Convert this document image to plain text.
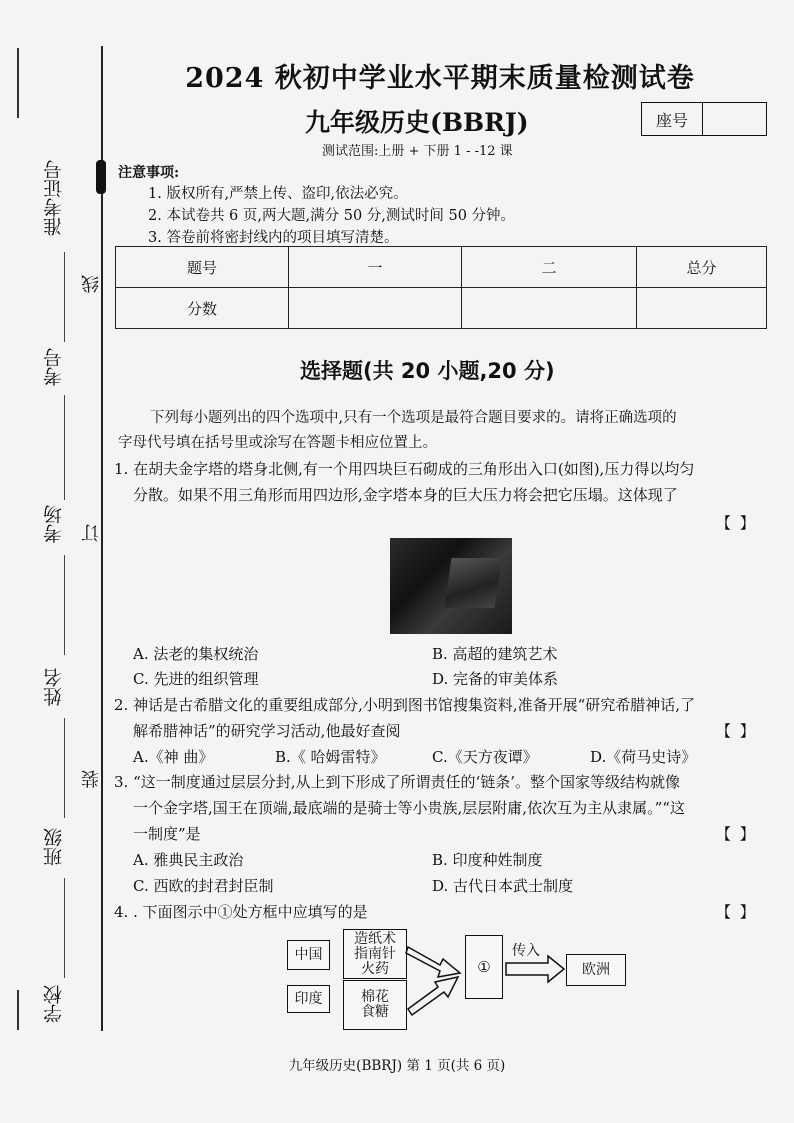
准考证号
考号
考场
姓名
班级
学校
线
订
装
2024 秋初中学业水平期末质量检测试卷
九年级历史(BBRJ)	座号
测试范围:上册 + 下册 1 - -12 课
注意事项:
1. 版权所有,严禁上传、盗印,依法必究。
2. 本试卷共 6 页,两大题,满分 50 分,测试时间 50 分钟。
3. 答卷前将密封线内的项目填写清楚。
题号	一	二	总分
分数			
选择题(共 20 小题,20 分)
下列每小题列出的四个选项中,只有一个选项是最符合题目要求的。请将正确选项的
字母代号填在括号里或涂写在答题卡相应位置上。
1. 在胡夫金字塔的塔身北侧,有一个用四块巨石砌成的三角形出入口(如图),压力得以均匀
分散。如果不用三角形而用四边形,金字塔本身的巨大压力将会把它压塌。这体现了
【 】
A. 法老的集权统治	B. 高超的建筑艺术
C. 先进的组织管理	D. 完备的审美体系
2. 神话是古希腊文化的重要组成部分,小明到图书馆搜集资料,准备开展“研究希腊神话,了
解希腊神话”的研究学习活动,他最好查阅	【 】
A.《神 曲》	B.《 哈姆雷特》	C.《天方夜谭》	D.《荷马史诗》
3. “这一制度通过层层分封,从上到下形成了所谓责任的‘链条’。整个国家等级结构就像
一个金字塔,国王在顶端,最底端的是骑士等小贵族,层层附庸,依次互为主从隶属。”“这
一制度”是	【 】
A. 雅典民主政治	B. 印度种姓制度
C. 西欧的封君封臣制	D. 古代日本武士制度
4. . 下面图示中①处方框中应填写的是	【 】
中国
造纸术
指南针
火药
印度	棉花
食糖
①
传入
欧洲
九年级历史(BBRJ) 第 1 页(共 6 页)
